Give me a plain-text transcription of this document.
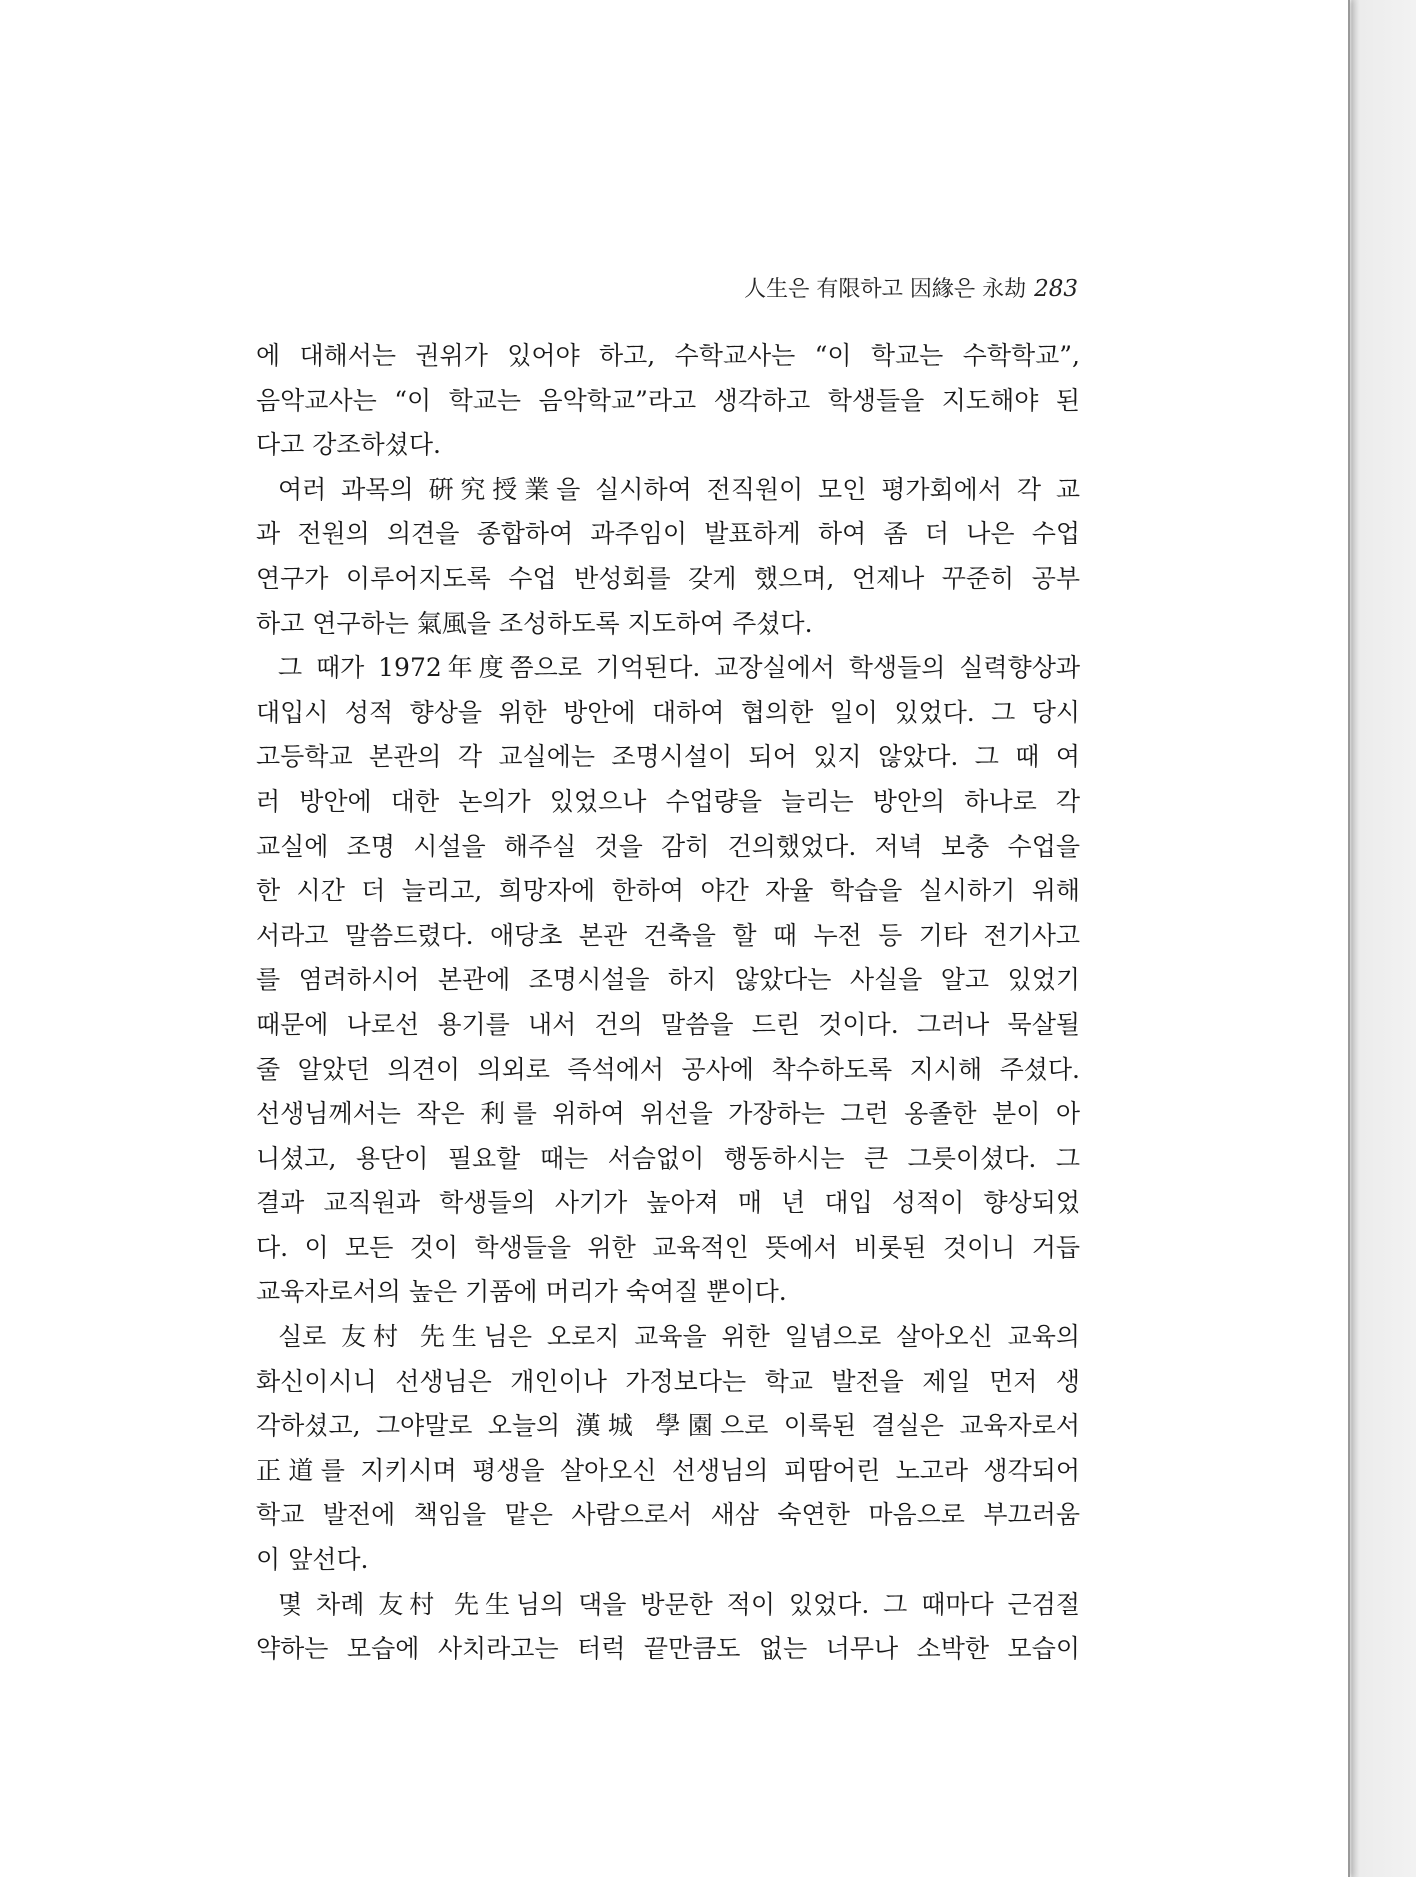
人生은 有限하고 因緣은 永劫 283
에 대해서는 권위가 있어야 하고, 수학교사는 “이 학교는 수학학교”,
음악교사는 “이 학교는 음악학교”라고 생각하고 학생들을 지도해야 된
다고 강조하셨다.
여러 과목의 硏究授業을 실시하여 전직원이 모인 평가회에서 각 교
과 전원의 의견을 종합하여 과주임이 발표하게 하여 좀 더 나은 수업
연구가 이루어지도록 수업 반성회를 갖게 했으며, 언제나 꾸준히 공부
하고 연구하는 氣風을 조성하도록 지도하여 주셨다.
그 때가 1972年度쯤으로 기억된다. 교장실에서 학생들의 실력향상과
대입시 성적 향상을 위한 방안에 대하여 협의한 일이 있었다. 그 당시
고등학교 본관의 각 교실에는 조명시설이 되어 있지 않았다. 그 때 여
러 방안에 대한 논의가 있었으나 수업량을 늘리는 방안의 하나로 각
교실에 조명 시설을 해주실 것을 감히 건의했었다. 저녁 보충 수업을
한 시간 더 늘리고, 희망자에 한하여 야간 자율 학습을 실시하기 위해
서라고 말씀드렸다. 애당초 본관 건축을 할 때 누전 등 기타 전기사고
를 염려하시어 본관에 조명시설을 하지 않았다는 사실을 알고 있었기
때문에 나로선 용기를 내서 건의 말씀을 드린 것이다. 그러나 묵살될
줄 알았던 의견이 의외로 즉석에서 공사에 착수하도록 지시해 주셨다.
선생님께서는 작은 利를 위하여 위선을 가장하는 그런 옹졸한 분이 아
니셨고, 용단이 필요할 때는 서슴없이 행동하시는 큰 그릇이셨다. 그
결과 교직원과 학생들의 사기가 높아져 매 년 대입 성적이 향상되었
다. 이 모든 것이 학생들을 위한 교육적인 뜻에서 비롯된 것이니 거듭
교육자로서의 높은 기품에 머리가 숙여질 뿐이다.
실로 友村 先生님은 오로지 교육을 위한 일념으로 살아오신 교육의
화신이시니 선생님은 개인이나 가정보다는 학교 발전을 제일 먼저 생
각하셨고, 그야말로 오늘의 漢城 學園으로 이룩된 결실은 교육자로서
正道를 지키시며 평생을 살아오신 선생님의 피땀어린 노고라 생각되어
학교 발전에 책임을 맡은 사람으로서 새삼 숙연한 마음으로 부끄러움
이 앞선다.
몇 차례 友村 先生님의 댁을 방문한 적이 있었다. 그 때마다 근검절
약하는 모습에 사치라고는 터럭 끝만큼도 없는 너무나 소박한 모습이
